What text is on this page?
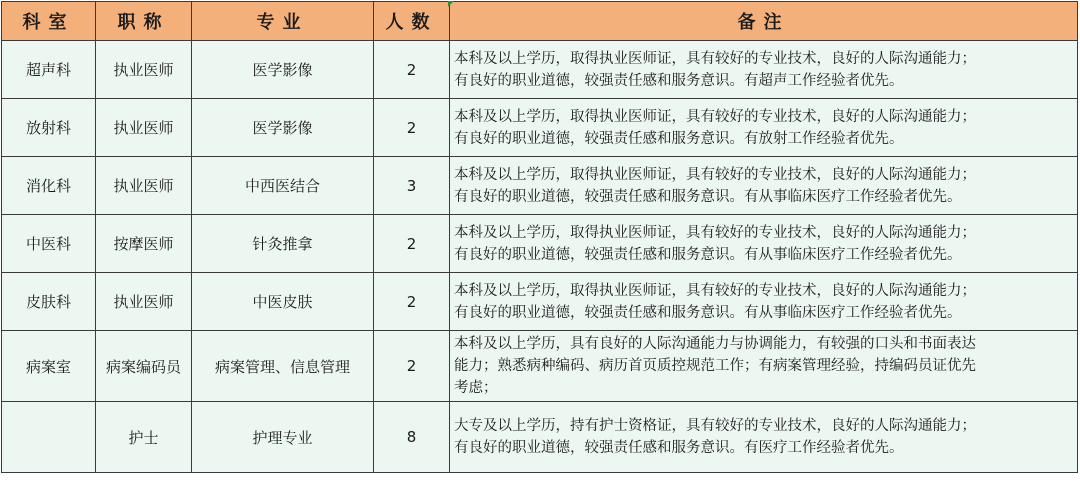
科室	职称	专业	人数	备注
超声科	执业医师	医学影像	2	本科及以上学历，取得执业医师证，具有较好的专业技术，良好的人际沟通能力；
有良好的职业道德，较强责任感和服务意识。有超声工作经验者优先。

放射科	执业医师	医学影像	2	本科及以上学历，取得执业医师证，具有较好的专业技术，良好的人际沟通能力；
有良好的职业道德，较强责任感和服务意识。有放射工作经验者优先。

消化科	执业医师	中西医结合	3	本科及以上学历，取得执业医师证，具有较好的专业技术，良好的人际沟通能力；
有良好的职业道德，较强责任感和服务意识。有从事临床医疗工作经验者优先。

中医科	按摩医师	针灸推拿	2	本科及以上学历，取得执业医师证，具有较好的专业技术，良好的人际沟通能力；
有良好的职业道德，较强责任感和服务意识。有从事临床医疗工作经验者优先。

皮肤科	执业医师	中医皮肤	2	本科及以上学历，取得执业医师证，具有较好的专业技术，良好的人际沟通能力；
有良好的职业道德，较强责任感和服务意识。有从事临床医疗工作经验者优先。

病案室	病案编码员	病案管理、信息管理	2	本科及以上学历，具有良好的人际沟通能力与协调能力，有较强的口头和书面表达
能力；熟悉病种编码、病历首页质控规范工作；有病案管理经验，持编码员证优先
考虑；

	护士	护理专业	8	大专及以上学历，持有护士资格证，具有较好的专业技术，良好的人际沟通能力；
有良好的职业道德，较强责任感和服务意识。有医疗工作经验者优先。
